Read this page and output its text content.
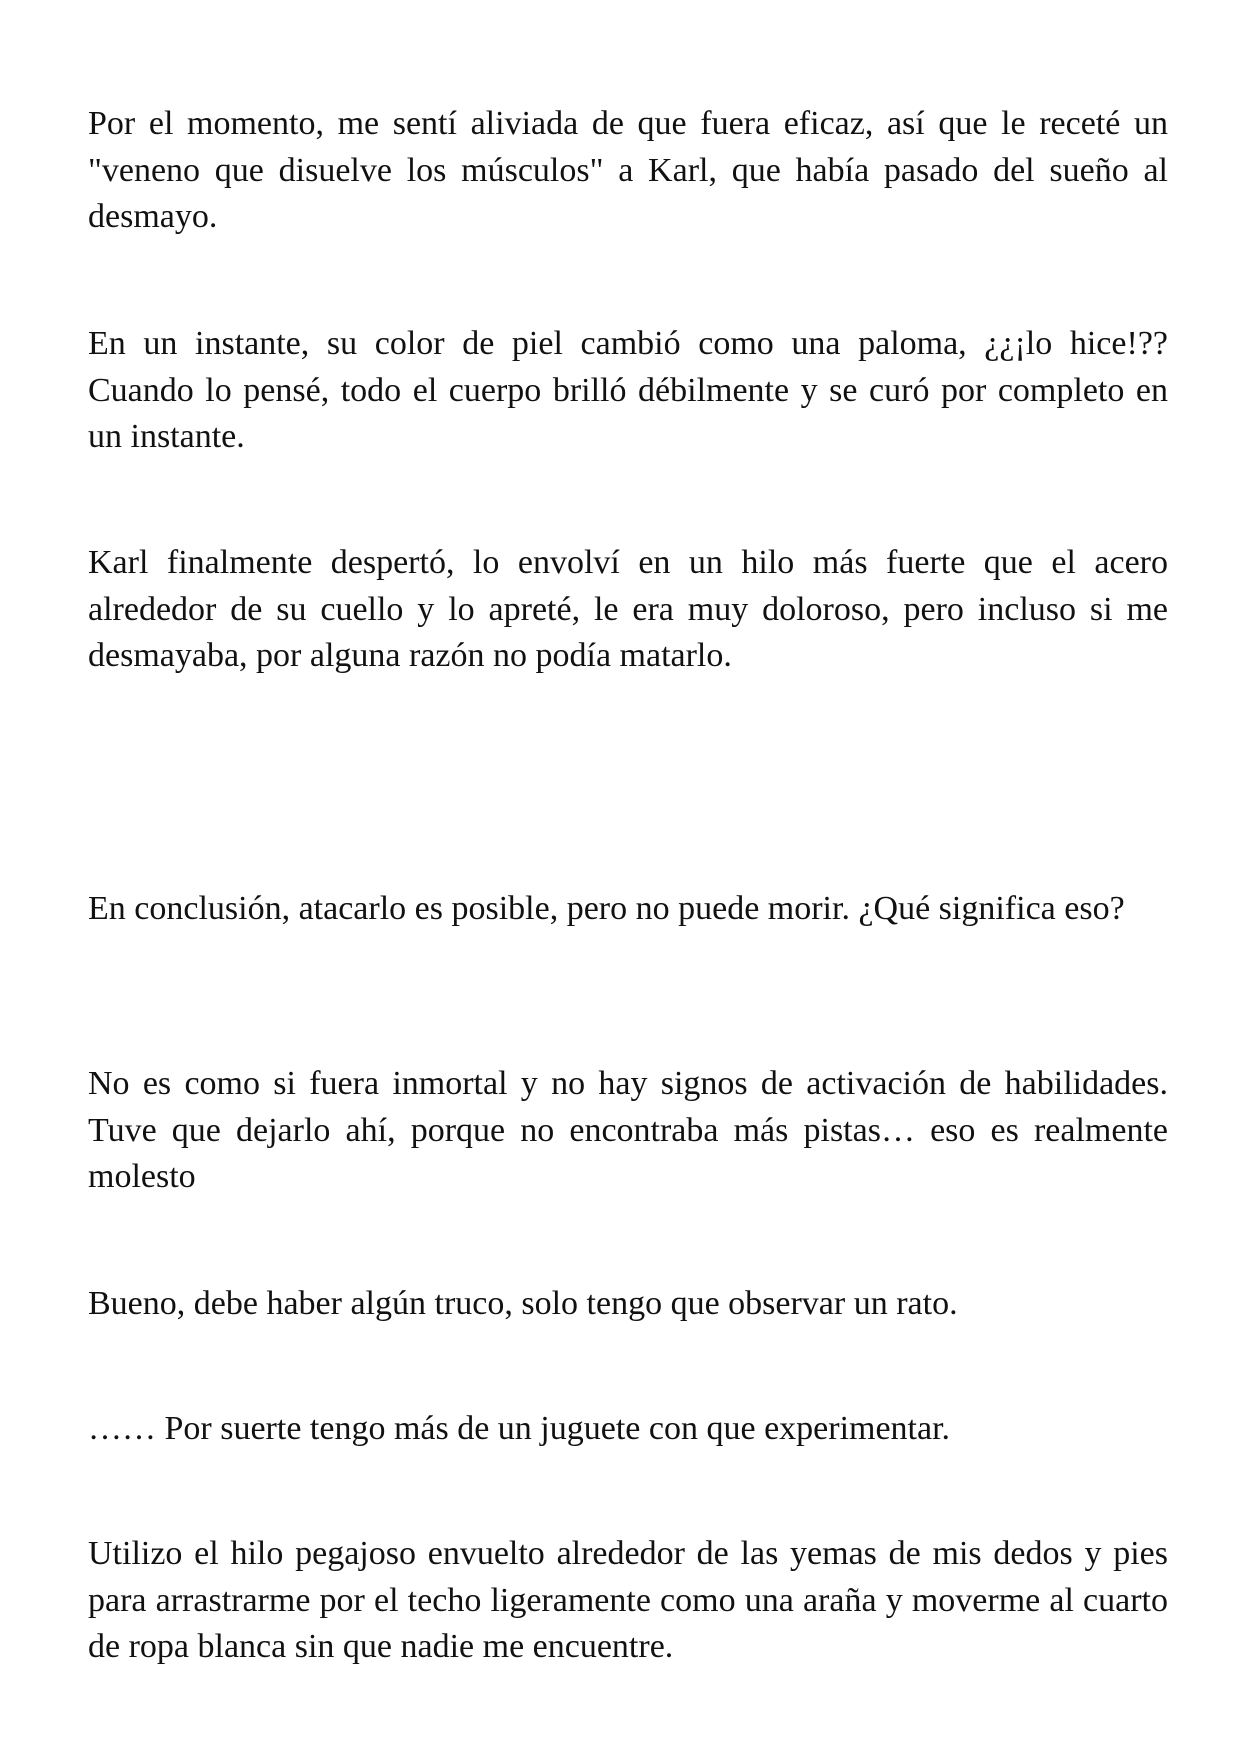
Por el momento, me sentí aliviada de que fuera eficaz, así que le receté un "veneno que disuelve los músculos" a Karl, que había pasado del sueño al desmayo.

En un instante, su color de piel cambió como una paloma, ¿¿¡lo hice!?? Cuando lo pensé, todo el cuerpo brilló débilmente y se curó por completo en un instante.

Karl finalmente despertó, lo envolví en un hilo más fuerte que el acero alrededor de su cuello y lo apreté, le era muy doloroso, pero incluso si me desmayaba, por alguna razón no podía matarlo.

En conclusión, atacarlo es posible, pero no puede morir. ¿Qué significa eso?

No es como si fuera inmortal y no hay signos de activación de habilidades. Tuve que dejarlo ahí, porque no encontraba más pistas… eso es realmente molesto

Bueno, debe haber algún truco, solo tengo que observar un rato.

…… Por suerte tengo más de un juguete con que experimentar.

Utilizo el hilo pegajoso envuelto alrededor de las yemas de mis dedos y pies para arrastrarme por el techo ligeramente como una araña y moverme al cuarto de ropa blanca sin que nadie me encuentre.
